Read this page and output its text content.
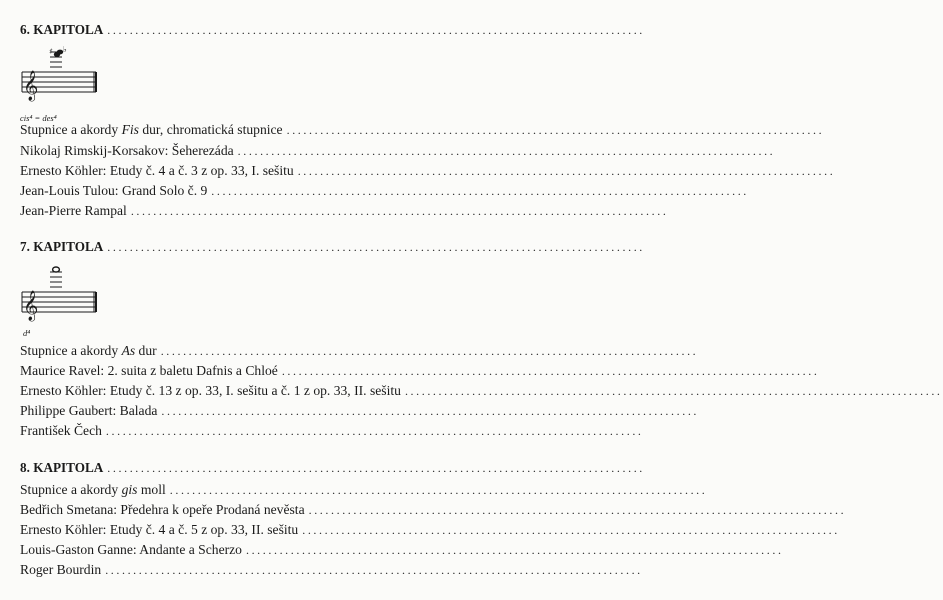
6. KAPITOLA ................................................................................................
𝄞
♯ ♭
cis⁴ = des⁴
Stupnice a akordy Fis dur, chromatická stupnice ................................................................................................
Nikolaj Rimskij-Korsakov: Šeherezáda ................................................................................................
Ernesto Köhler: Etudy č. 4 a č. 3 z op. 33, I. sešitu ................................................................................................
Jean-Louis Tulou: Grand Solo č. 9 ................................................................................................
Jean-Pierre Rampal ................................................................................................
7. KAPITOLA ................................................................................................
𝄞
d⁴
Stupnice a akordy As dur ................................................................................................
Maurice Ravel: 2. suita z baletu Dafnis a Chloé ................................................................................................
Ernesto Köhler: Etudy č. 13 z op. 33, I. sešitu a č. 1 z op. 33, II. sešitu ................................................................................................
Philippe Gaubert: Balada ................................................................................................
František Čech ................................................................................................
8. KAPITOLA ................................................................................................
Stupnice a akordy gis moll ................................................................................................
Bedřich Smetana: Předehra k opeře Prodaná nevěsta ................................................................................................
Ernesto Köhler: Etudy č. 4 a č. 5 z op. 33, II. sešitu ................................................................................................
Louis-Gaston Ganne: Andante a Scherzo ................................................................................................
Roger Bourdin ................................................................................................
